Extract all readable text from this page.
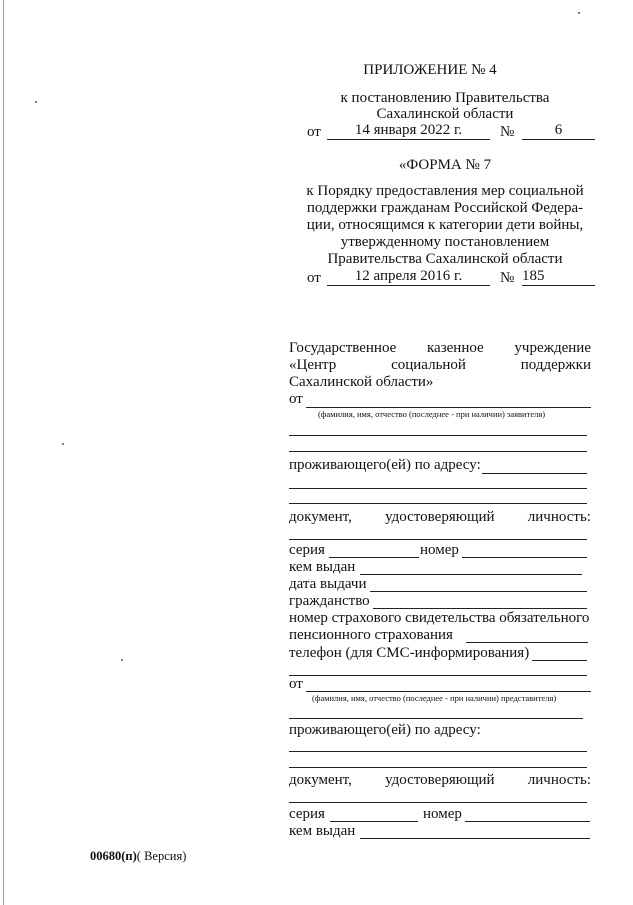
ПРИЛОЖЕНИЕ № 4
к постановлению Правительства
Сахалинской области
от	14 января 2022 г.	№	6
«ФОРМА № 7
к Порядку предоставления мер социальной
поддержки гражданам Российской Федера-
ции, относящимся к категории дети войны,
утвержденному постановлением
Правительства Сахалинской области
от	12 апреля 2016 г.	№ 185
Государственное казенное учреждение
«Центр	социальной	поддержки
Сахалинской области»
от
(фамилия, имя, отчество (последнее - при наличии) заявителя)
проживающего(ей) по адресу:
документ, удостоверяющий личность:
серия	номер
кем выдан
дата выдачи
гражданство
номер страхового свидетельства обязательного
пенсионного страхования
телефон (для СМС-информирования)
от
(фамилия, имя, отчество (последнее - при наличии) представителя)
проживающего(ей) по адресу:
документ, удостоверяющий личность:
серия	номер
кем выдан
00680(п)( Версия)
